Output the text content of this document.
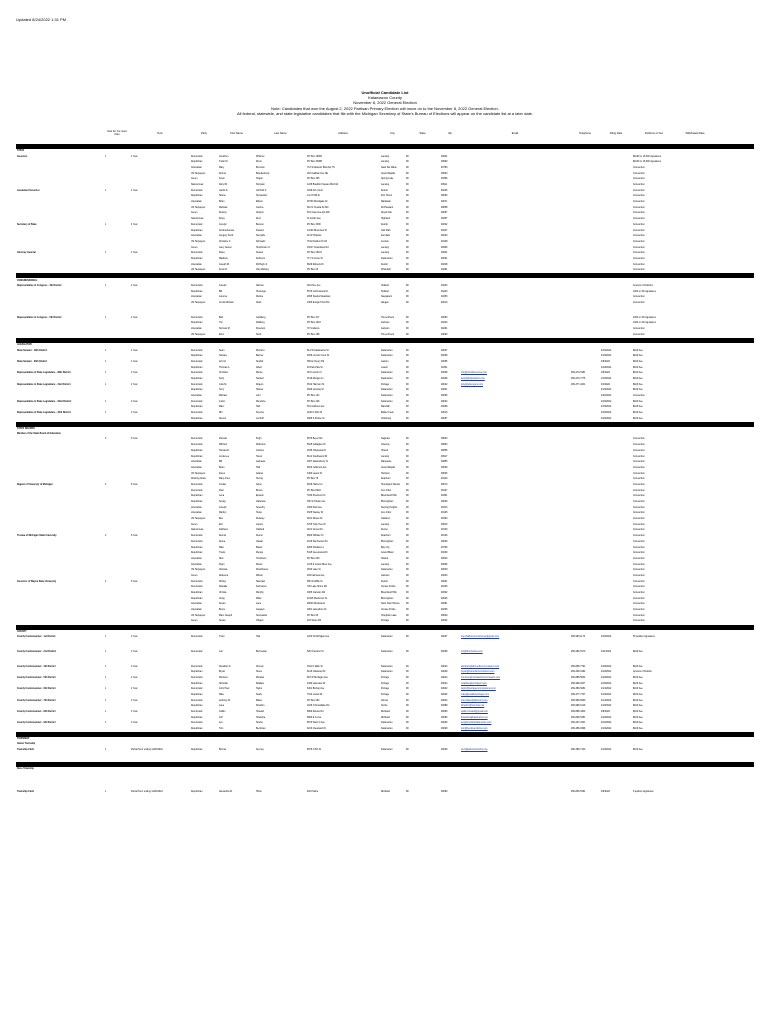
Updated 8/24/2022 1:31 PM
Unofficial Candidate List
Kalamazoo County
November 8, 2022 General Election
Note: Candidates that won the August 2, 2022 Partisan Primary Election will move on to the November 8, 2022 General Election.
All federal, statewide, and state legislative candidates that file with the Michigan Secretary of State's Bureau of Elections will appear on the candidate list at a later date.
	Vote for not more than	Term	Party	First Name	Last Name	Address	City	State	Zip	Email	Telephone	Filing Date	Petitions or Fee	Withdrawal Date	

STATE															
Governor	1	4 Year	Democratic	Gretchen	Whitmer	PO Box 15282	Lansing	MI	48901				$1000 or 15,000 signatures		
			Republican	Tudor M.	Dixon	PO Box 33388	Lansing	MI	48909				$1000 or 15,000 signatures		
			Libertarian	Mary	Buzuma	713 S Masonic Blvd Apt 7S	Sault Ste Marie	MI	49783				Convention		
			US Taxpayers	Donna	Brandenburg	218 Cadillac Ave NE	Grand Rapids	MI	49503				Convention		
			Green	Kevin	Hogan	PO Box 305	Spring Lake	MI	49456				Convention		
			Natural Law	Daryl M.	Simpson	1245 Bradford Square Blvd #A	Lansing	MI	48911				Convention		
Lieutenant Governor	1	4 Year	Democratic	Garlin D.	Gilchrist II	1649 Ash Court	Detroit	MI	48235				Convention		
			Republican	Shane	Hernandez	14-27 Mill St	Port Huron	MI	48060				Convention		
			Libertarian	Brian	Ellison	26700 Woodgate Dr	Mattawan	MI	49071				Convention		
			US Taxpayers	Mellissa	Carone	610 N Oneida St #10	Mt Pleasant	MI	48858				Convention		
			Green	Destiny	Clayton	501 Cass Ave Apt 206	Royal Oak	MI	48067				Convention		
			Natural Law	Doug	Dern	31 E Elm Ave	Highland	MI	48357				Convention		
Secretary of State	1	4 Year	Democratic	Jocelyn	Benson	PO Box 3306	Detroit	MI	48232				Convention		
			Republican	Kristina Eunice	Karamo	14130 Riverview St	Oak Park	MI	48237				Convention		
			Libertarian	Gregory Scott	Stempfle	26 W Hopkins	Ferndale	MI	48220				Convention		
			US Taxpayers	Christine C.	Schwartz	7611 Pavilion Dr #3	Jenison	MI	49428				Convention		
			Green	Larry James	Hutchinson Jr.	15217 Grandview Rd	Lansing	MI	48906				Convention		
Attorney General	1	4 Year	Democratic	Dana	Nessel	PO Box 15101	Lansing	MI	48901				Convention		
			Republican	Matthew	DePerno	717 S Grove St	Kalamazoo	MI	49001				Convention		
			Libertarian	Joseph W.	McHugh Jr.	8629 Roberts Dr	Detroit	MI	48228				Convention		
			US Taxpayers	Kevin R.	Van Allsburg	PO Box 26	Whitehall	MI	49461				Convention		

CONGRESSIONAL															
Representative in Congress - 4th District	1	2 Year	Democratic	Joseph	Alfonso	316 Pine Ave	Holland	MI	49423				Amount of Petitions		
			Republican	Bill	Huizenga	5670 Cottonwood Dr	Holland	MI	49423				1000 or 4th signatures		
			Libertarian	Lorence	Wenke	2095 Sparks Meadows	Saugatuck	MI	49453				Convention		
			US Taxpayers	Curtis Michael	Clark	3405 Ensign Point Rd	Allegan	MI	49010				Convention		

Representative in Congress - 5th District	1	2 Year	Democratic	Bart	Goldberg	PO Box 417	Three Rivers	MI	49093				1000 or 4th signatures		
			Republican	Tim	Walberg	PO Box 1023	Jackson	MI	49204				1000 or 4th signatures		
			Libertarian	Norman M.	Peterson	70 S Adams	Jackson	MI	49201				Convention		
			US Taxpayers	Ezra	Scott	PO Box 168	Three Rivers	MI	49093				Convention		

LEGISLATIVE															
State Senator - 19th District	1	4 Year	Democratic	Sean	McCann	814 W Kalamazoo St	Kalamazoo	MI	49007			4/19/2022	$100 Fee		
			Republican	Tamara	Barnes	2636 Lincoln Court Dr	Kalamazoo	MI	49008			4/19/2022	$100 Fee		
State Senator - 20th District	1	4 Year	Democratic	Aric M.	Nesbitt	350 E Cherry Rd	Lawton	MI	49065			4/8/2022	$100 Fee		
			Republican	Thomas A.	Albert	94 Paw Paw St	Lowell	MI	49331			4/18/2022	$100 Fee		
Representative in State Legislature - 39th District	1	2 Year	Democratic	Christine	Morse	315 Lincoln Ct	Kalamazoo	MI	49008	info@christinemorse.com	269-270-5181	4/5/2022	$100 Fee		
			Republican	Kelly	Sackett	2146 Morgan Ln	Kalamazoo	MI	49006	kelly@kellysackett.com	269-270-7775	4/18/2022	$100 Fee		
Representative in State Legislature - 41st District	1	2 Year	Democratic	Julie M.	Rogers	3512 Harrison St	Portage	MI	49002	julie@julierogers.com	269-377-2201	4/4/2022	$100 Fee		
			Republican	Terry	Haines	3629 Lansing St	Kalamazoo	MI	49001			4/19/2022	$100 Fee		
			Libertarian	Michael	Lohr	PO Box 124	Kalamazoo	MI	49005			4/20/2022	Convention		
Representative in State Legislature - 42nd District	1	2 Year	Democratic	Justin	Mendoza	PO Box 426	Kalamazoo	MI	49004			4/19/2022	$100 Fee		
			Republican	Matt	Hall	301 Calhoun Ave	Marshall	MI	49068			4/18/2022	$100 Fee		
Representative in State Legislature - 43rd District	1	2 Year	Democratic	Rhi	Kreuzer	1100 N 24th St	Battle Creek	MI	49015			4/19/2022	$100 Fee		
			Republican	Steven	Lenhoff	3905 S Prairie St	Vicksburg	MI	49097			4/18/2022	$100 Fee		

STATE BOARDS															
Member of the State Board of Education															
	2	8 Year	Democratic	Pamela	Pugh	9570 Beyer Rd	Saginaw	MI	48603				Convention		
			Democratic	Mitchell	Robinson	5815 Gallagher Dr	Okemos	MI	48864				Convention		
			Republican	Tamara D.	Carlone	2035 Chippewa Dr	Howell	MI	48855				Convention		
			Republican	Linda Lee	Tarver	8141 Southwood Dr	Lansing	MI	48917				Convention		
			Libertarian	Bill	Gelineau	1807 Glastonbury Ct	Marquette	MI	49855				Convention		
			Libertarian	Brian	Hall	9813 Jefferson Ave	Grand Rapids	MI	49509				Convention		
			US Taxpayers	Karen	Adams	3400 Laurel Dr	Harrison	MI	48625				Convention		
			Working Class	Mary Anne	Hering	PO Box 75	Dearborn	MI	48120				Convention		
Regent of University of Michigan	2	8 Year	Democratic	Jordan	Acker	9915 Harbor Ln	Huntington Woods	MI	48070				Convention		
			Democratic	Paul	Brown	PO Box 8023	Ann Arbor	MI	48107				Convention		
			Republican	Lena	Epstein	7180 Pinehurst Ct	Bloomfield Hills	MI	48301				Convention		
			Republican	Sevag	Vartanian	300 S Holden Ave	Birmingham	MI	48009				Convention		
			Libertarian	Joseph	Sowerby	1900 Park Ave	Sterling Heights	MI	48313				Convention		
			Libertarian	Marilyn	Heiss	4525 Wesley Dr	Ann Arbor	MI	48108				Convention		
			US Taxpayers	Ben	Dulaney	3101 Moses Dr	Oakland	MI	48363				Convention		
			Green	Eric	Larson	3705 Tulip Tree Dr	Lansing	MI	48910				Convention		
			Natural Law	Kathleen	Oakford	2101 Grove Rd	Dexter	MI	48130				Convention		
Trustee of Michigan State University	2	8 Year	Democratic	Dennis	Denno	9600 Whittier St	Dearborn	MI	48126				Convention		
			Democratic	Rema	Vassar	2015 Dorchester Rd	Birmingham	MI	48009				Convention		
			Republican	Mike	Balow	6280 Shallow Ln	Bay City	MI	48706				Convention		
			Republican	Travis	Menge	5415 Greenwood Dr	Grand Blanc	MI	48439				Convention		
			Libertarian	Nick	Tomlinson	PO Box 203	Haslett	MI	48840				Convention		
			Libertarian	Ryan	Moore	1015 E Grand River Ave	Lansing	MI	48906				Convention		
			US Taxpayers	Clarissa	Woodhouse	2810 Lake St	Kalamazoo	MI	49048				Convention		
			Green	Rebecca	Wilson	409 Fairview Ave	Jackson	MI	49203				Convention		
Governor of Wayne State University	2	8 Year	Democratic	Shirley	Stancato	550 W Willis St	Detroit	MI	48201				Convention		
			Democratic	Danialle	Karmanos	700 Lake Shore Rd	Grosse Pointe	MI	48236				Convention		
			Republican	Christa	Murphy	1805 Carleton Rd	Bloomfield Hills	MI	48302				Convention		
			Republican	Craig	Miller	21165 Westmoor St	Birmingham	MI	48025				Convention		
			Libertarian	Susan	Lane	28020 Rockwood	Saint Clair Shores	MI	48081				Convention		
			Libertarian	Bruce	Jaquays	1801 Lakeshore Dr	Grosse Pointe	MI	48236				Convention		
			US Taxpayers	Marc Joseph	Sosnowski	PO Box 95	Houghton Lake	MI	48629				Convention		
			Green	Susan	Odgers	403 Stone Rd	Portage	MI	49002				Convention		

COUNTY															
County Commissioner - 1st District	1	2 Year	Democratic	Tracy	Hall	1203 W Michigan Ave	Kalamazoo	MI	49007	tracyhallforcommissioner@gmail.com	269-993-1174	4/19/2022	50 petition signatures		

County Commissioner - 2nd District	1	2 Year	Democratic	Lori	Burmeister	520 Chestnut St	Kalamazoo	MI	49008	lori@lburmeister.com	269-282-8170	4/11/2022	$100 Fee		

County Commissioner - 4th District	1	2 Year	Democratic	Abraham K.	Ahmed	3311 N Main St	Kalamazoo	MI	49004	abraham@ahmedforcommission.com	269-808-7791	4/18/2022	$100 Fee		
			Republican	Bryan	Stone	6126 Oakwood Dr	Kalamazoo	MI	49009	bryan@stoneforcommission.com	269-208-0182	4/19/2022	Amount of Petition		
County Commissioner - 5th District	1	2 Year	Democratic	Monteze	Morales	810 W Michigan Ave	Portage	MI	49024	monteze@moralesforcommission.com	269-888-5534	4/18/2022	$100 Fee		
			Republican	Nicholas	Wallace	2450 Lakeview Dr	Portage	MI	49024	nwallace@portagemi.gov	269-999-0317	4/18/2022	$100 Fee		
County Commissioner - 6th District	1	2 Year	Democratic	John Paul	Taylor	6401 Bishop Ave	Portage	MI	49002	taylor@portagecommissioner.com	269-380-5281	4/13/2022	$100 Fee		
			Republican	Mike	Seals	7612 Lowell Dr	Portage	MI	49002	mike@sealsforportage.com	269-377-7707	4/19/2022	$100 Fee		
County Commissioner - 7th District	1	2 Year	Democratic	Anthony M.	Baker	PO Box 454	Climax	MI	49034	tony.baker@kalcounty.org	269-998-6960	4/14/2022	$100 Fee		
			Republican	Lane	Sheldon	1645 N Snowflake Rd	Scotts	MI	49088	lsheldon@comcast.net	269-998-1019	4/18/2022	$100 Fee		
County Commissioner - 8th District	1	2 Year	Democratic	Caitlin	Howard	8909 Ravine Rd	Richland	MI	49083	caitlin.howard@gmail.com	269-888-4400	4/8/2022	$100 Fee		
			Republican	Jeff	Hoekstra	8960 E G Ave	Richland	MI	49083	jhoekstra@kalamazoo.net	269-838-5181	4/18/2022	$100 Fee		
County Commissioner - 9th District	1	2 Year	Democratic	Jen	Strebs	8570 West G Ave	Kalamazoo	MI	49009	jen@strebsforkalamazoo.com	269-207-3441	4/19/2022	$100 Fee		
			Republican	Tom	Beckman	9213 Cleveland Dr	Kalamazoo	MI	49009	tom@beckman4kzoo.com	269-488-0399	4/19/2022	$100 Fee		

TOWNSHIP															
Alamo Township															
Township Clerk	1	Partial Term ending 11/20/2024	Republican	Bonnie	Kenney	6875 N 6th St	Kalamazoo	MI	49009	clerk@alamotownship.org	269-488-7120	4/19/2022	$100 Fee		

Ross Township															

Township Clerk	1	Partial Term ending 11/20/2024	Republican	Alexandra M.	Hicks	934 Prairie	Richland	MI	49083		269-838-5181	4/8/2022	8 petition signatures		
